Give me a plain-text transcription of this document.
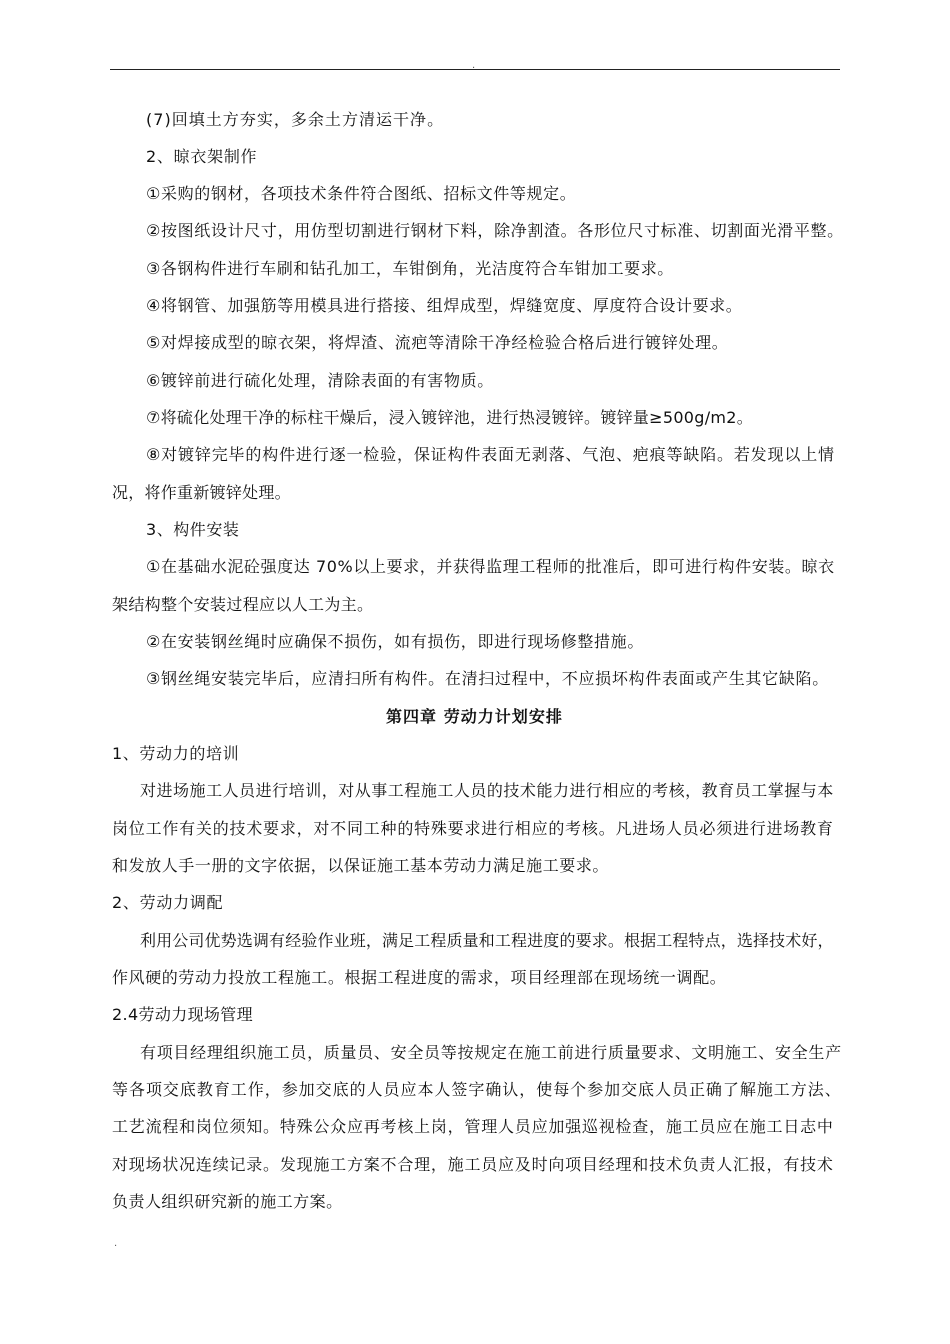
.
(7)回填土方夯实，多余土方清运干净。
2、晾衣架制作
①采购的钢材，各项技术条件符合图纸、招标文件等规定。
②按图纸设计尺寸，用仿型切割进行钢材下料，除净割渣。各形位尺寸标准、切割面光滑平整。
③各钢构件进行车刷和钻孔加工，车钳倒角，光洁度符合车钳加工要求。
④将钢管、加强筋等用模具进行搭接、组焊成型，焊缝宽度、厚度符合设计要求。
⑤对焊接成型的晾衣架，将焊渣、流疤等清除干净经检验合格后进行镀锌处理。
⑥镀锌前进行硫化处理，清除表面的有害物质。
⑦将硫化处理干净的标柱干燥后，浸入镀锌池，进行热浸镀锌。镀锌量≥500g/m2。
⑧对镀锌完毕的构件进行逐一检验，保证构件表面无剥落、气泡、疤痕等缺陷。若发现以上情
况，将作重新镀锌处理。
3、构件安装
①在基础水泥砼强度达 70%以上要求，并获得监理工程师的批准后，即可进行构件安装。晾衣
架结构整个安装过程应以人工为主。
②在安装钢丝绳时应确保不损伤，如有损伤，即进行现场修整措施。
③钢丝绳安装完毕后，应清扫所有构件。在清扫过程中，不应损坏构件表面或产生其它缺陷。
第四章 劳动力计划安排
1、劳动力的培训
对进场施工人员进行培训，对从事工程施工人员的技术能力进行相应的考核，教育员工掌握与本
岗位工作有关的技术要求，对不同工种的特殊要求进行相应的考核。凡进场人员必须进行进场教育
和发放人手一册的文字依据，以保证施工基本劳动力满足施工要求。
2、劳动力调配
利用公司优势选调有经验作业班，满足工程质量和工程进度的要求。根据工程特点，选择技术好，
作风硬的劳动力投放工程施工。根据工程进度的需求，项目经理部在现场统一调配。
2.4劳动力现场管理
有项目经理组织施工员，质量员、安全员等按规定在施工前进行质量要求、文明施工、安全生产
等各项交底教育工作，参加交底的人员应本人签字确认，使每个参加交底人员正确了解施工方法、
工艺流程和岗位须知。特殊公众应再考核上岗，管理人员应加强巡视检查，施工员应在施工日志中
对现场状况连续记录。发现施工方案不合理，施工员应及时向项目经理和技术负责人汇报，有技术
负责人组织研究新的施工方案。
.
